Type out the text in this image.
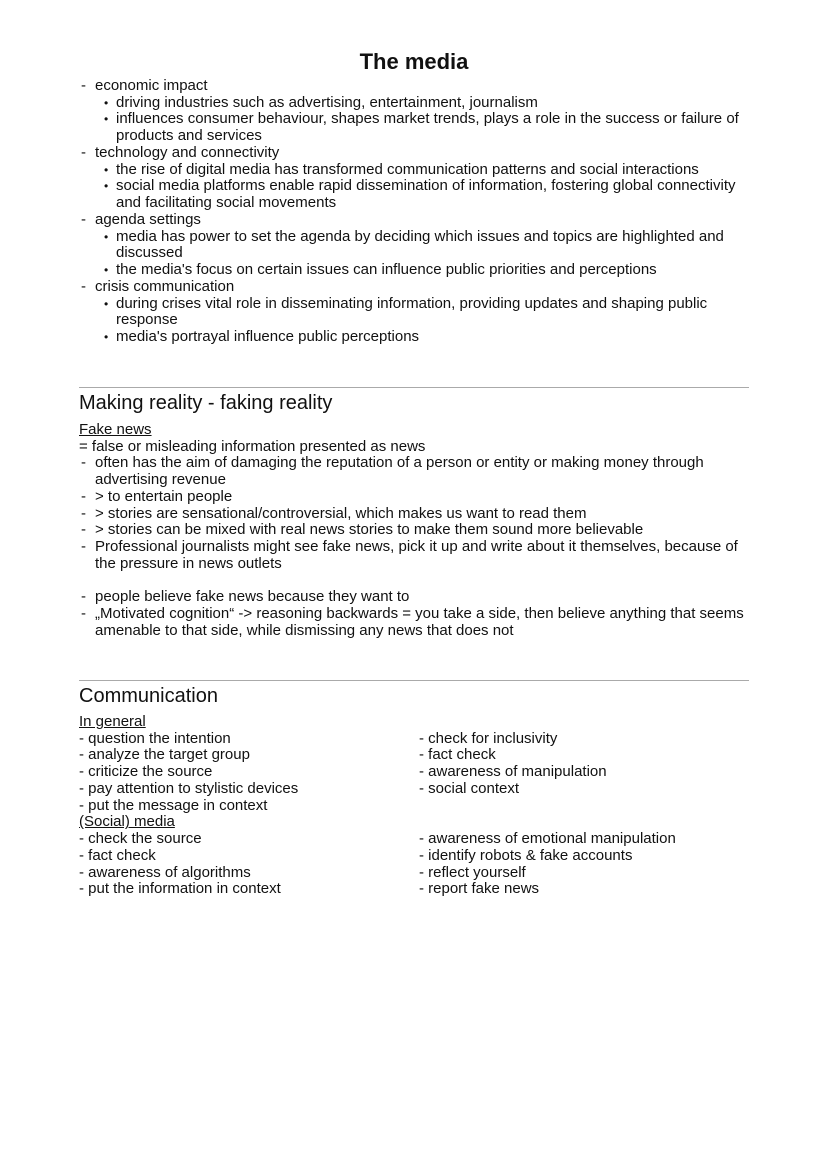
The media
- economic impact
• driving industries such as advertising, entertainment, journalism
• influences consumer behaviour, shapes market trends, plays a role in the success or failure of products and services
- technology and connectivity
• the rise of digital media has transformed communication patterns and social interactions
• social media platforms enable rapid dissemination of information, fostering global connectivity and facilitating social movements
- agenda settings
• media has power to set the agenda by deciding which issues and topics are highlighted and discussed
• the media's focus on certain issues can influence public priorities and perceptions
- crisis communication
• during crises vital role in disseminating information, providing updates and shaping public response
• media's portrayal influence public perceptions
Making reality - faking reality
Fake news
= false or misleading information presented as news
- often has the aim of damaging the reputation of a person or entity or making money through advertising revenue
- > to entertain people
- > stories are sensational/controversial, which makes us want to read them
- > stories can be mixed with real news stories to make them sound more believable
- Professional journalists might see fake news, pick it up and write about it themselves, because of the pressure in news outlets
- people believe fake news because they want to
- „Motivated cognition“ -> reasoning backwards = you take a side, then believe anything that seems amenable to that side, while dismissing any news that does not
Communication
In general
- question the intention	- check for inclusivity
- analyze the target group	- fact check
- criticize the source	- awareness of manipulation
- pay attention to stylistic devices	- social context
- put the message in context
(Social) media
- check the source	- awareness of emotional manipulation
- fact check	- identify robots & fake accounts
- awareness of algorithms	- reflect yourself
- put the information in context	- report fake news
